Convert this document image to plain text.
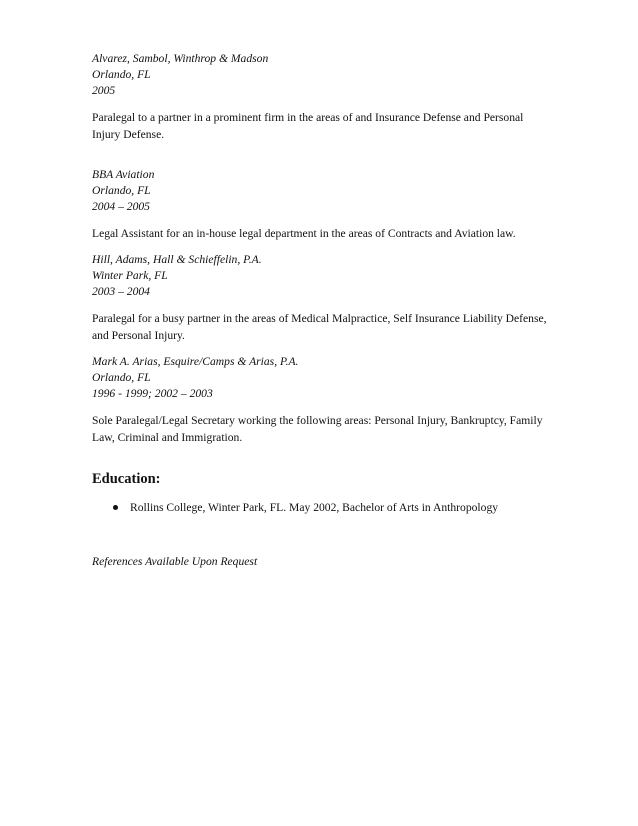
Alvarez, Sambol, Winthrop & Madson

Orlando, FL

2005

Paralegal to a partner in a prominent firm in the areas of and Insurance Defense and Personal Injury Defense.

BBA Aviation

Orlando, FL

2004 – 2005

Legal Assistant for an in-house legal department in the areas of Contracts and Aviation law.

Hill, Adams, Hall & Schieffelin, P.A.

Winter Park, FL

2003 – 2004

Paralegal for a busy partner in the areas of Medical Malpractice, Self Insurance Liability Defense, and Personal Injury.

Mark A. Arias, Esquire/Camps & Arias, P.A.

Orlando, FL

1996 - 1999; 2002 – 2003

Sole Paralegal/Legal Secretary working the following areas: Personal Injury, Bankruptcy, Family Law, Criminal and Immigration.

Education:
Rollins College, Winter Park, FL. May 2002, Bachelor of Arts in Anthropology

References Available Upon Request
